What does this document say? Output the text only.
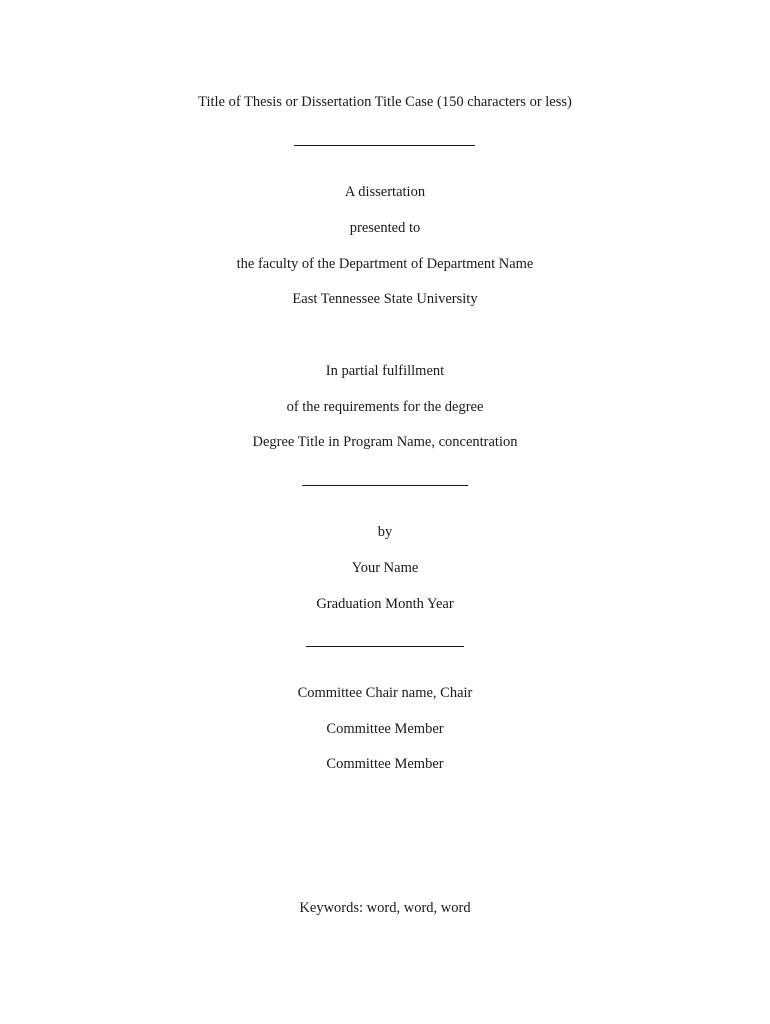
Title of Thesis or Dissertation Title Case (150 characters or less)
A dissertation
presented to
the faculty of the Department of Department Name
East Tennessee State University
In partial fulfillment
of the requirements for the degree
Degree Title in Program Name, concentration
by
Your Name
Graduation Month Year
Committee Chair name, Chair
Committee Member
Committee Member
Keywords: word, word, word
